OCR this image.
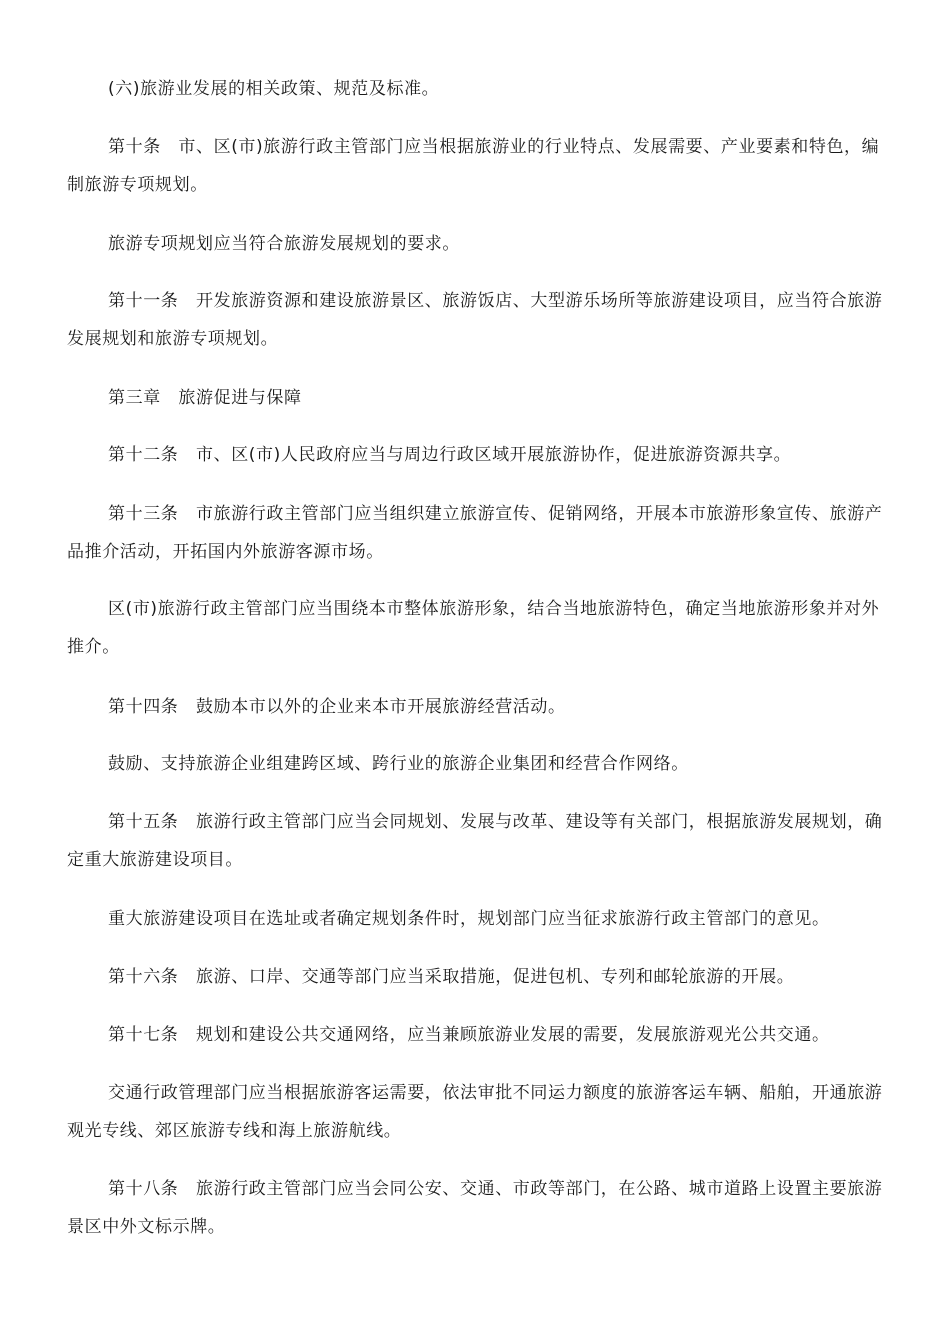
(六)旅游业发展的相关政策、规范及标准。

第十条　市、区(市)旅游行政主管部门应当根据旅游业的行业特点、发展需要、产业要素和特色，编制旅游专项规划。

旅游专项规划应当符合旅游发展规划的要求。

第十一条　开发旅游资源和建设旅游景区、旅游饭店、大型游乐场所等旅游建设项目，应当符合旅游发展规划和旅游专项规划。

第三章　旅游促进与保障

第十二条　市、区(市)人民政府应当与周边行政区域开展旅游协作，促进旅游资源共享。

第十三条　市旅游行政主管部门应当组织建立旅游宣传、促销网络，开展本市旅游形象宣传、旅游产品推介活动，开拓国内外旅游客源市场。

区(市)旅游行政主管部门应当围绕本市整体旅游形象，结合当地旅游特色，确定当地旅游形象并对外推介。

第十四条　鼓励本市以外的企业来本市开展旅游经营活动。

鼓励、支持旅游企业组建跨区域、跨行业的旅游企业集团和经营合作网络。

第十五条　旅游行政主管部门应当会同规划、发展与改革、建设等有关部门，根据旅游发展规划，确定重大旅游建设项目。

重大旅游建设项目在选址或者确定规划条件时，规划部门应当征求旅游行政主管部门的意见。

第十六条　旅游、口岸、交通等部门应当采取措施，促进包机、专列和邮轮旅游的开展。

第十七条　规划和建设公共交通网络，应当兼顾旅游业发展的需要，发展旅游观光公共交通。

交通行政管理部门应当根据旅游客运需要，依法审批不同运力额度的旅游客运车辆、船舶，开通旅游观光专线、郊区旅游专线和海上旅游航线。

第十八条　旅游行政主管部门应当会同公安、交通、市政等部门，在公路、城市道路上设置主要旅游景区中外文标示牌。
